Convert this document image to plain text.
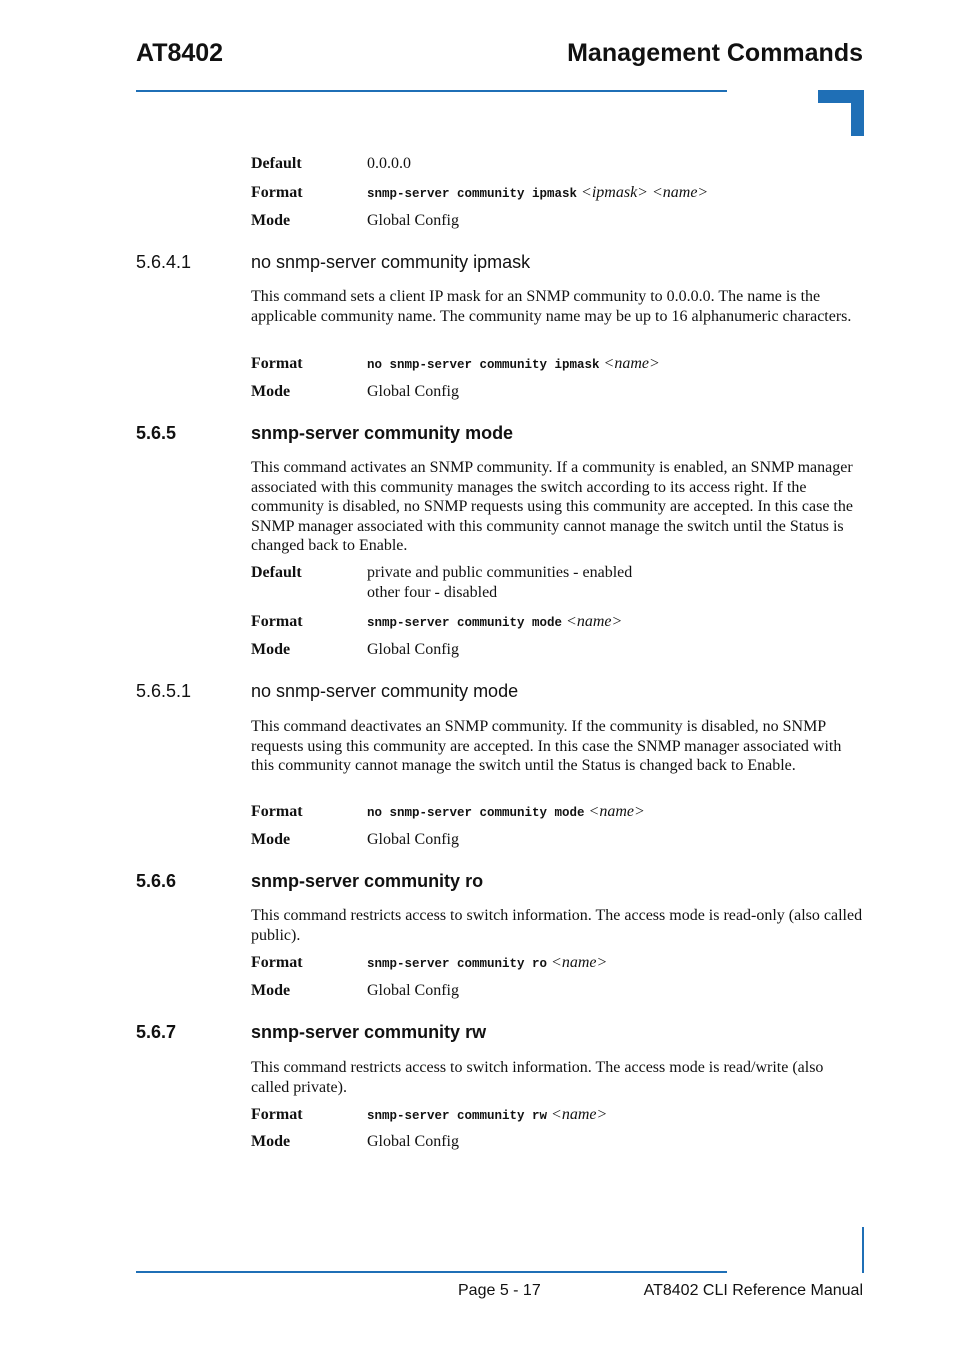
AT8402	Management Commands
Default	0.0.0.0
Format	snmp-server community ipmask <ipmask> <name>
Mode	Global Config
5.6.4.1	no snmp-server community ipmask
This command sets a client IP mask for an SNMP community to 0.0.0.0. The name is the applicable community name. The community name may be up to 16 alphanumeric characters.
Format	no snmp-server community ipmask <name>
Mode	Global Config
5.6.5	snmp-server community mode
This command activates an SNMP community. If a community is enabled, an SNMP manager associated with this community manages the switch according to its access right. If the community is disabled, no SNMP requests using this community are accepted. In this case the SNMP manager associated with this community cannot manage the switch until the Status is changed back to Enable.
Default	private and public communities - enabled
other four - disabled
Format	snmp-server community mode <name>
Mode	Global Config
5.6.5.1	no snmp-server community mode
This command deactivates an SNMP community. If the community is disabled, no SNMP requests using this community are accepted. In this case the SNMP manager associated with this community cannot manage the switch until the Status is changed back to Enable.
Format	no snmp-server community mode <name>
Mode	Global Config
5.6.6	snmp-server community ro
This command restricts access to switch information. The access mode is read-only (also called public).
Format	snmp-server community ro <name>
Mode	Global Config
5.6.7	snmp-server community rw
This command restricts access to switch information. The access mode is read/write (also called private).
Format	snmp-server community rw <name>
Mode	Global Config
Page 5 - 17	AT8402 CLI Reference Manual
